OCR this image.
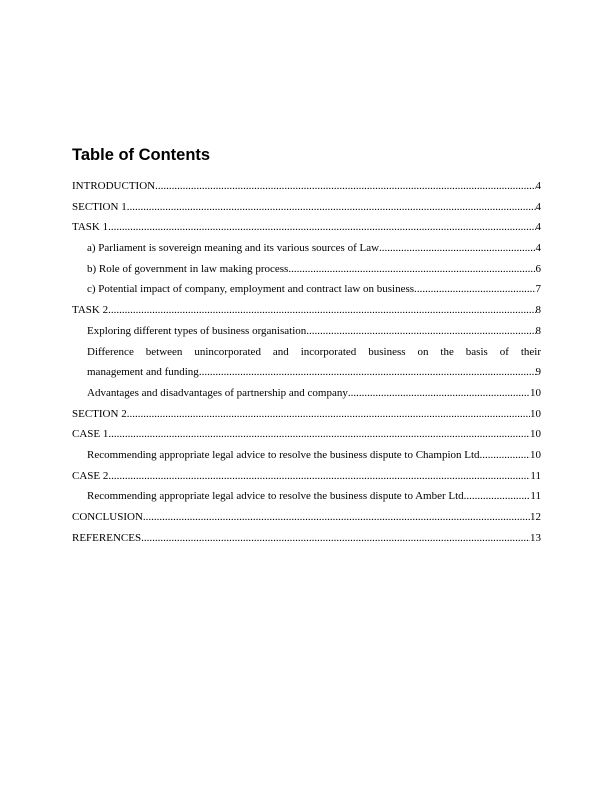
Table of Contents
INTRODUCTION .....	4
SECTION 1 .....	4
TASK 1 .....	4
a) Parliament is sovereign meaning and its various sources of Law .....	4
b) Role of government in law making process .....	6
c) Potential impact of company, employment and contract law on business. .....	7
TASK 2 .....	8
Exploring different types of business organisation .....	8
Difference between unincorporated and incorporated business on the basis of their
management and funding .....	9
Advantages and disadvantages of partnership and company .....	10
SECTION 2 .....	10
CASE 1 .....	10
Recommending appropriate legal advice to resolve the business dispute to Champion Ltd. .....	10
CASE 2 .....	11
Recommending appropriate legal advice to resolve the business dispute to Amber Ltd. .....	11
CONCLUSION .....	12
REFERENCES .....	13
